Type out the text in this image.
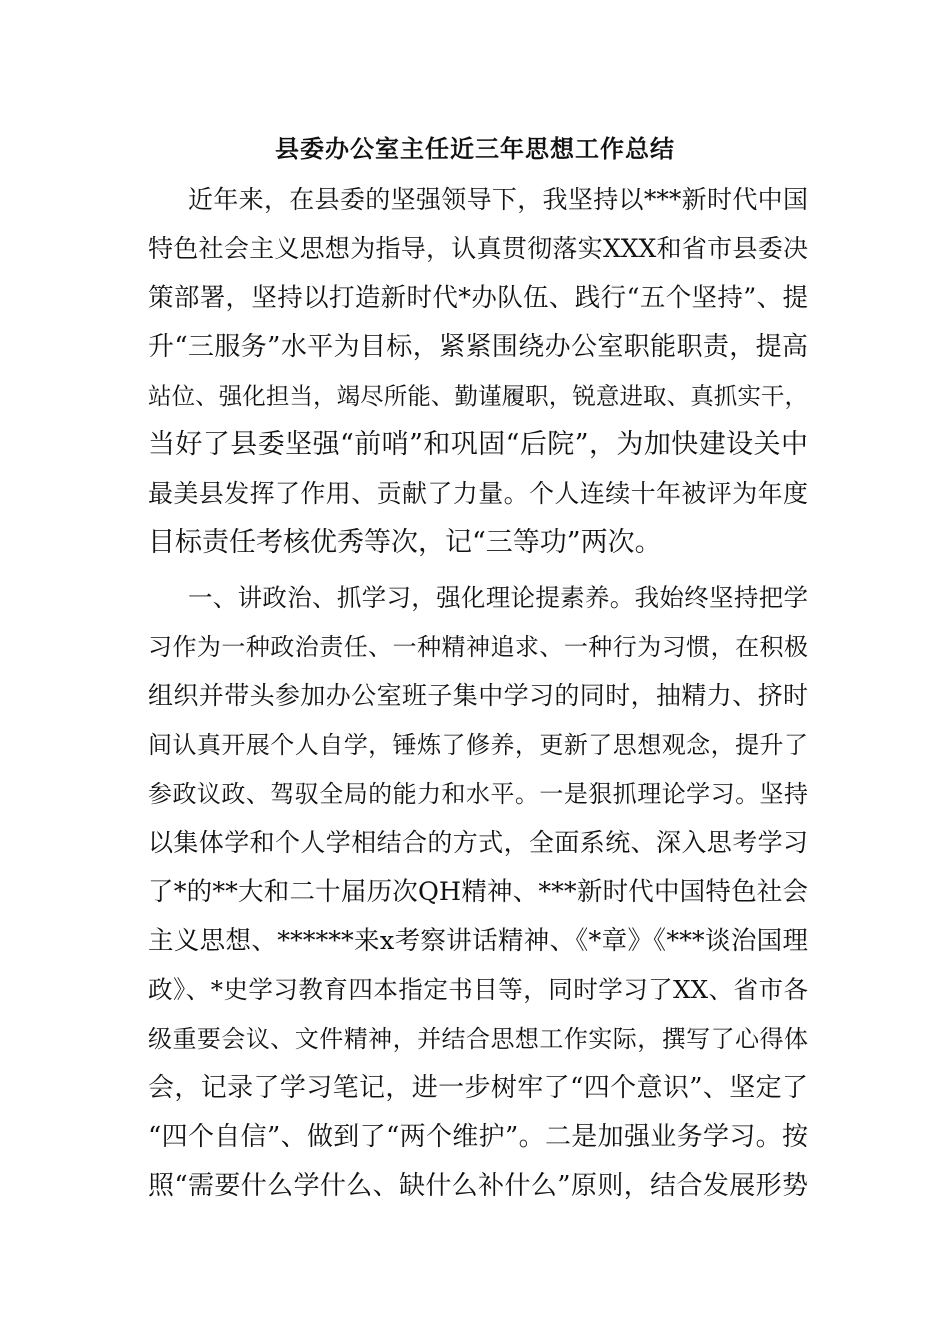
县委办公室主任近三年思想工作总结
近年来，在县委的坚强领导下，我坚持以***新时代中国
特色社会主义思想为指导，认真贯彻落实XXX和省市县委决
策部署，坚持以打造新时代*办队伍、践行“五个坚持”、提
升“三服务”水平为目标，紧紧围绕办公室职能职责，提高
站位、强化担当，竭尽所能、勤谨履职，锐意进取、真抓实干，
当好了县委坚强“前哨”和巩固“后院”，为加快建设关中
最美县发挥了作用、贡献了力量。个人连续十年被评为年度
目标责任考核优秀等次，记“三等功”两次。
一、讲政治、抓学习，强化理论提素养。我始终坚持把学
习作为一种政治责任、一种精神追求、一种行为习惯，在积极
组织并带头参加办公室班子集中学习的同时，抽精力、挤时
间认真开展个人自学，锤炼了修养，更新了思想观念，提升了
参政议政、驾驭全局的能力和水平。一是狠抓理论学习。坚持
以集体学和个人学相结合的方式，全面系统、深入思考学习
了*的**大和二十届历次QH精神、***新时代中国特色社会
主义思想、******来x考察讲话精神、《*章》《***谈治国理
政》、*史学习教育四本指定书目等，同时学习了XX、省市各
级重要会议、文件精神，并结合思想工作实际，撰写了心得体
会，记录了学习笔记，进一步树牢了“四个意识”、坚定了
“四个自信”、做到了“两个维护”。二是加强业务学习。按
照“需要什么学什么、缺什么补什么”原则，结合发展形势
